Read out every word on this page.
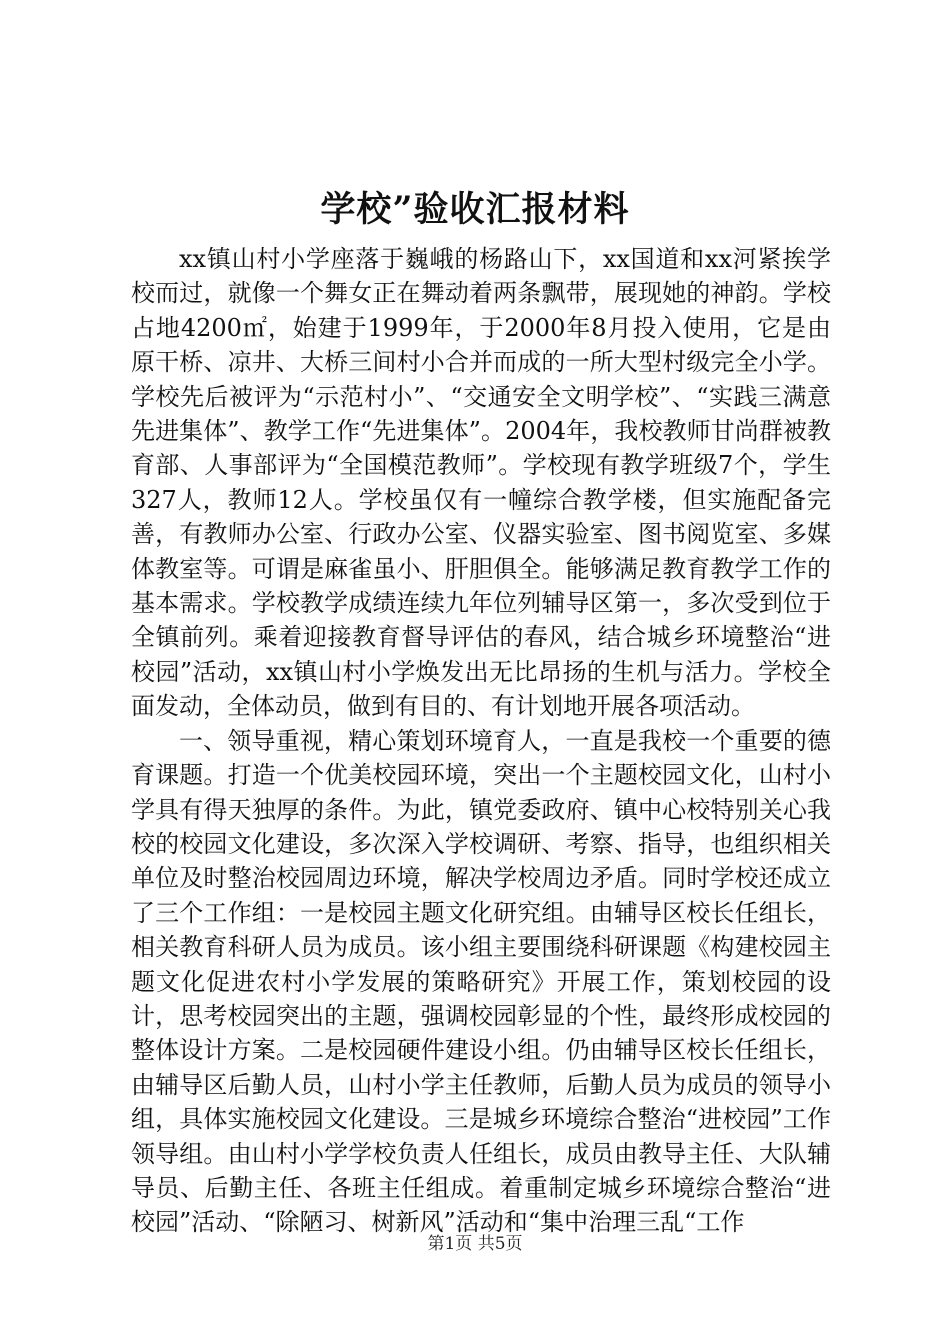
学校”验收汇报材料

xx镇山村小学座落于巍峨的杨路山下，xx国道和xx河紧挨学校而过，就像一个舞女正在舞动着两条飘带，展现她的神韵。学校占地4200㎡，始建于1999年，于2000年8月投入使用，它是由原干桥、凉井、大桥三间村小合并而成的一所大型村级完全小学。学校先后被评为“示范村小”、“交通安全文明学校”、“实践三满意先进集体”、教学工作“先进集体”。2004年，我校教师甘尚群被教育部、人事部评为“全国模范教师”。学校现有教学班级7个，学生327人，教师12人。学校虽仅有一幢综合教学楼，但实施配备完善，有教师办公室、行政办公室、仪器实验室、图书阅览室、多媒体教室等。可谓是麻雀虽小、肝胆俱全。能够满足教育教学工作的基本需求。学校教学成绩连续九年位列辅导区第一，多次受到位于全镇前列。乘着迎接教育督导评估的春风，结合城乡环境整治“进校园”活动，xx镇山村小学焕发出无比昂扬的生机与活力。学校全面发动，全体动员，做到有目的、有计划地开展各项活动。

一、领导重视，精心策划环境育人，一直是我校一个重要的德育课题。打造一个优美校园环境，突出一个主题校园文化，山村小学具有得天独厚的条件。为此，镇党委政府、镇中心校特别关心我校的校园文化建设，多次深入学校调研、考察、指导，也组织相关单位及时整治校园周边环境，解决学校周边矛盾。同时学校还成立了三个工作组：一是校园主题文化研究组。由辅导区校长任组长，相关教育科研人员为成员。该小组主要围绕科研课题《构建校园主题文化促进农村小学发展的策略研究》开展工作，策划校园的设计，思考校园突出的主题，强调校园彰显的个性，最终形成校园的整体设计方案。二是校园硬件建设小组。仍由辅导区校长任组长，由辅导区后勤人员，山村小学主任教师，后勤人员为成员的领导小组，具体实施校园文化建设。三是城乡环境综合整治“进校园”工作领导组。由山村小学学校负责人任组长，成员由教导主任、大队辅导员、后勤主任、各班主任组成。着重制定城乡环境综合整治“进校园”活动、“除陋习、树新风”活动和“集中治理三乱“工作

第1页 共5页
